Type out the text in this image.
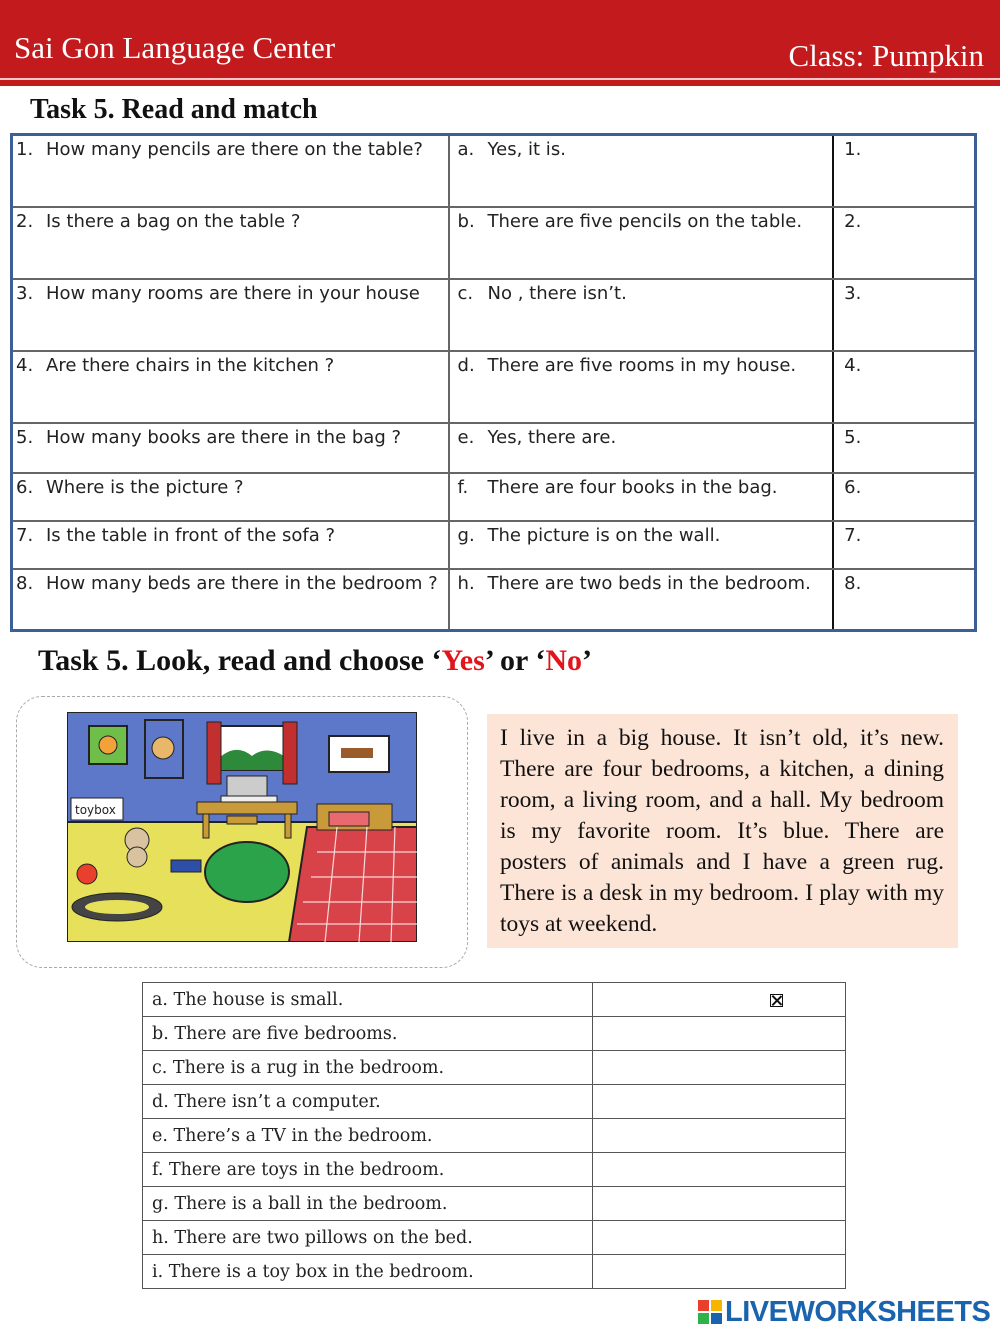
Sai Gon Language Center	Class: Pumpkin
Task 5. Read and match
1. How many pencils are there on the table?	a. Yes, it is.	1.

2. Is there a bag on the table ?	b. There are five pencils on the table.	2.

3. How many rooms are there in your house	c. No , there isn’t.	3.

4. Are there chairs in the kitchen ?	d. There are five rooms in my house.	4.

5. How many books are there in the bag ?	e. Yes, there are.	5.

6. Where is the picture ?	f. There are four books in the bag.	6.

7. Is the table in front of the sofa ?	g. The picture is on the wall.	7.

8. How many beds are there in the bedroom ?	h. There are two beds in the bedroom.	8.
Task 5. Look, read and choose ‘Yes’ or ‘No’
toybox

I live in a big house. It isn’t old, it’s new. There are four bedrooms, a kitchen, a dining room, a living room, and a hall. My bedroom is my favorite room. It’s blue. There are posters of animals and I have a green rug. There is a desk in my bedroom. I play with my toys at weekend.

a. The house is small.	
b. There are five bedrooms.	
c. There is a rug in the bedroom.	
d. There isn’t a computer.	
e. There’s a TV in the bedroom.	
f. There are toys in the bedroom.	
g. There is a ball in the bedroom.	
h. There are two pillows on the bed.	
i. There is a toy box in the bedroom.	
LIVEWORKSHEETS
